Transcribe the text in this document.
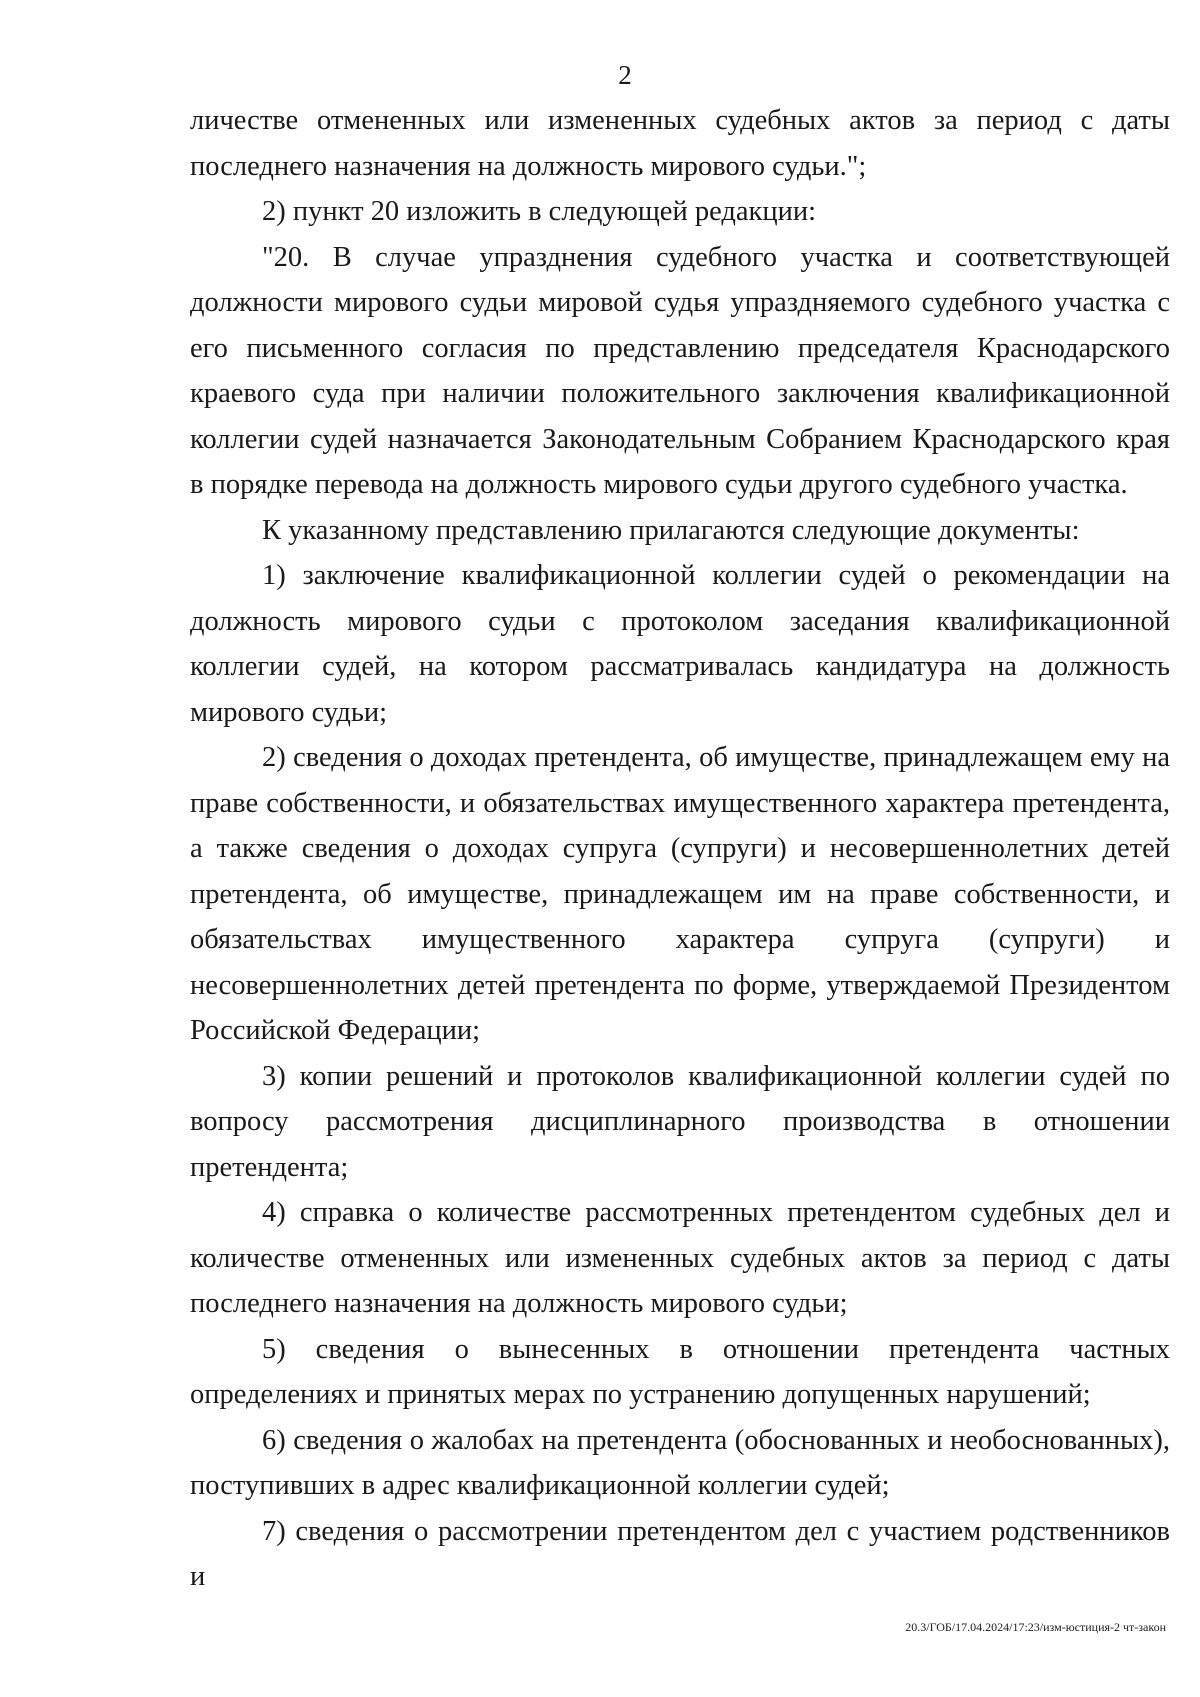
2

личестве отмененных или измененных судебных актов за период с даты последнего назначения на должность мирового судьи.";

2) пункт 20 изложить в следующей редакции:

"20. В случае упразднения судебного участка и соответствующей должности мирового судьи мировой судья упраздняемого судебного участка с его письменного согласия по представлению председателя Краснодарского краевого суда при наличии положительного заключения квалификационной коллегии судей назначается Законодательным Собранием Краснодарского края в порядке перевода на должность мирового судьи другого судебного участка.

К указанному представлению прилагаются следующие документы:

1) заключение квалификационной коллегии судей о рекомендации на должность мирового судьи с протоколом заседания квалификационной коллегии судей, на котором рассматривалась кандидатура на должность мирового судьи;

2) сведения о доходах претендента, об имуществе, принадлежащем ему на праве собственности, и обязательствах имущественного характера претендента, а также сведения о доходах супруга (супруги) и несовершеннолетних детей претендента, об имуществе, принадлежащем им на праве собственности, и обязательствах имущественного характера супруга (супруги) и несовершеннолетних детей претендента по форме, утверждаемой Президентом Российской Федерации;

3) копии решений и протоколов квалификационной коллегии судей по вопросу рассмотрения дисциплинарного производства в отношении претендента;

4) справка о количестве рассмотренных претендентом судебных дел и количестве отмененных или измененных судебных актов за период с даты последнего назначения на должность мирового судьи;

5) сведения о вынесенных в отношении претендента частных определениях и принятых мерах по устранению допущенных нарушений;

6) сведения о жалобах на претендента (обоснованных и необоснованных), поступивших в адрес квалификационной коллегии судей;

7) сведения о рассмотрении претендентом дел с участием родственников и

20.3/ГОБ/17.04.2024/17:23/изм-юстиция-2 чт-закон
